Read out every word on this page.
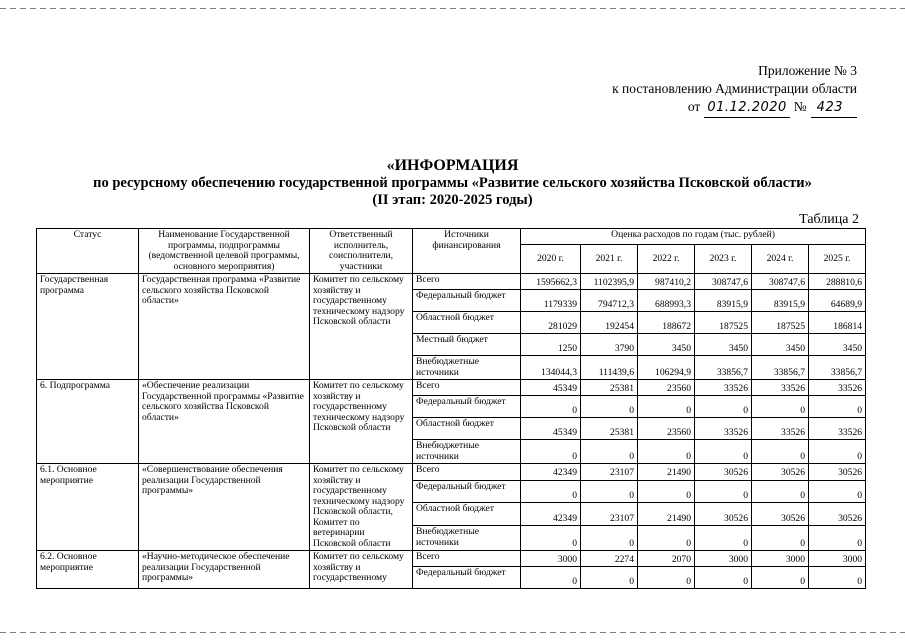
Приложение № 3
к постановлению Администрации области
от 01.12.2020 № 423
«ИНФОРМАЦИЯ
по ресурсному обеспечению государственной программы «Развитие сельского хозяйства Псковской области»
(II этап: 2020-2025 годы)
Таблица 2
Статус	Наименование Государственной программы, подпрограммы (ведомственной целевой программы, основного мероприятия)	Ответственный исполнитель, соисполнители, участники	Источники финансирования	Оценка расходов по годам (тыс. рублей)					
				2020 г.	2021 г.	2022 г.	2023 г.	2024 г.	2025 г.
Государственная программа	Государственная программа «Развитие сельского хозяйства Псковской области»	Комитет по сельскому хозяйству и государственному техническому надзору Псковской области	Всего	1595662,3	1102395,9	987410,2	308747,6	308747,6	288810,6
			Федеральный бюджет	1179339	794712,3	688993,3	83915,9	83915,9	64689,9
			Областной бюджет	281029	192454	188672	187525	187525	186814
			Местный бюджет	1250	3790	3450	3450	3450	3450
			Внебюджетные источники	134044,3	111439,6	106294,9	33856,7	33856,7	33856,7
6. Подпрограмма	«Обеспечение реализации Государственной программы «Развитие сельского хозяйства Псковской области»	Комитет по сельскому хозяйству и государственному техническому надзору Псковской области	Всего	45349	25381	23560	33526	33526	33526
			Федеральный бюджет	0	0	0	0	0	0
			Областной бюджет	45349	25381	23560	33526	33526	33526
			Внебюджетные источники	0	0	0	0	0	0
6.1. Основное мероприятие	«Совершенствование обеспечения реализации Государственной программы»	Комитет по сельскому хозяйству и государственному техническому надзору Псковской области, Комитет по ветеринарии Псковской области	Всего	42349	23107	21490	30526	30526	30526
			Федеральный бюджет	0	0	0	0	0	0
			Областной бюджет	42349	23107	21490	30526	30526	30526
			Внебюджетные источники	0	0	0	0	0	0
6.2. Основное мероприятие	«Научно-методическое обеспечение реализации Государственной программы»	Комитет по сельскому хозяйству и государственному	Всего	3000	2274	2070	3000	3000	3000
			Федеральный бюджет	0	0	0	0	0	0
